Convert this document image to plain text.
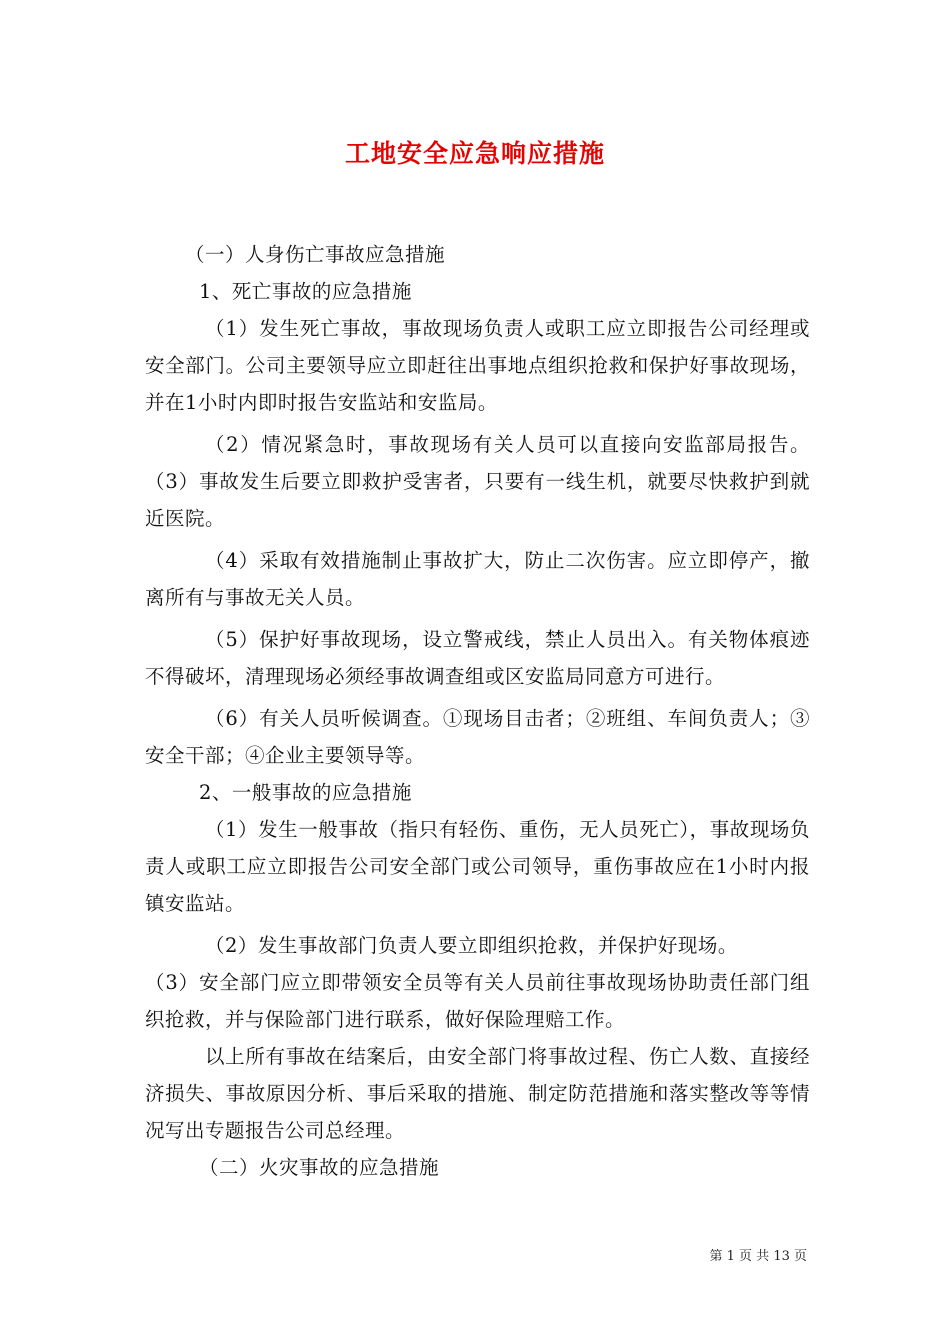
工地安全应急响应措施

（一）人身伤亡事故应急措施

1、死亡事故的应急措施

（1）发生死亡事故，事故现场负责人或职工应立即报告公司经理或安全部门。公司主要领导应立即赶往出事地点组织抢救和保护好事故现场，并在1小时内即时报告安监站和安监局。

（2）情况紧急时，事故现场有关人员可以直接向安监部局报告。（3）事故发生后要立即救护受害者，只要有一线生机，就要尽快救护到就近医院。

（4）采取有效措施制止事故扩大，防止二次伤害。应立即停产，撤离所有与事故无关人员。

（5）保护好事故现场，设立警戒线，禁止人员出入。有关物体痕迹不得破坏，清理现场必须经事故调查组或区安监局同意方可进行。

（6）有关人员听候调查。①现场目击者；②班组、车间负责人；③安全干部；④企业主要领导等。

2、一般事故的应急措施

（1）发生一般事故（指只有轻伤、重伤，无人员死亡），事故现场负责人或职工应立即报告公司安全部门或公司领导，重伤事故应在1小时内报镇安监站。

（2）发生事故部门负责人要立即组织抢救，并保护好现场。

（3）安全部门应立即带领安全员等有关人员前往事故现场协助责任部门组织抢救，并与保险部门进行联系，做好保险理赔工作。

以上所有事故在结案后，由安全部门将事故过程、伤亡人数、直接经济损失、事故原因分析、事后采取的措施、制定防范措施和落实整改等等情况写出专题报告公司总经理。

（二）火灾事故的应急措施

第 1 页 共 13 页
